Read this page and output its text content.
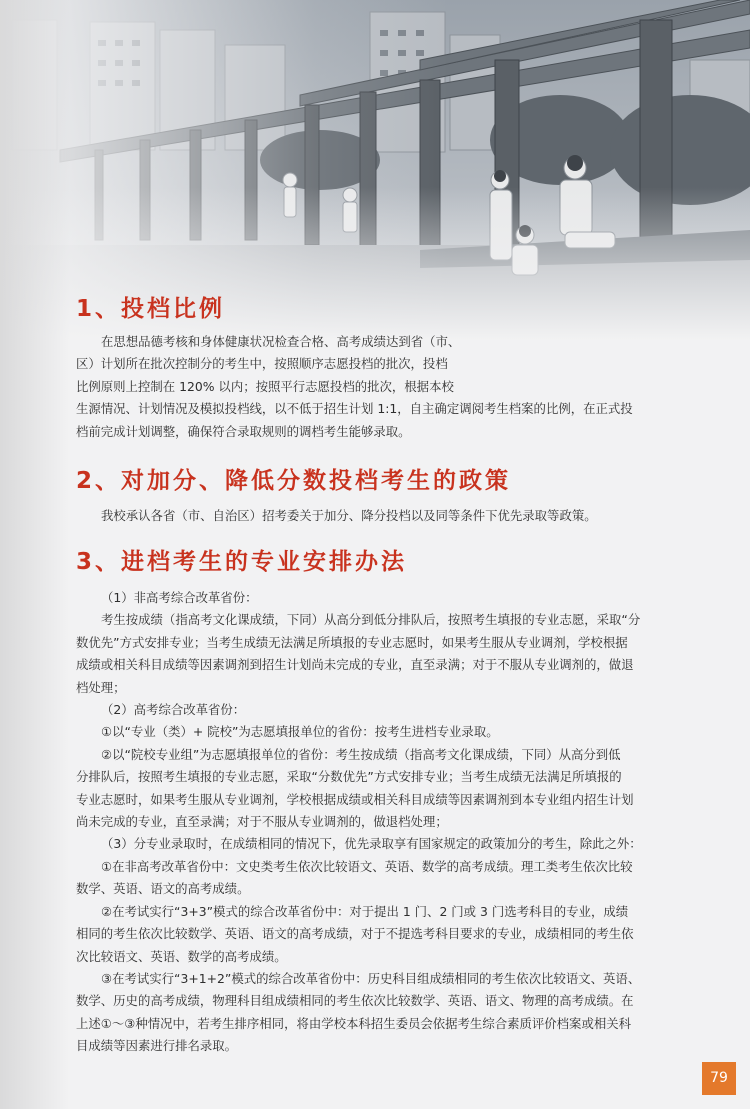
1、投档比例

在思想品德考核和身体健康状况检查合格、高考成绩达到省（市、
区）计划所在批次控制分的考生中，按照顺序志愿投档的批次，投档
比例原则上控制在 120% 以内；按照平行志愿投档的批次，根据本校
生源情况、计划情况及模拟投档线，以不低于招生计划 1:1，自主确定调阅考生档案的比例，在正式投
档前完成计划调整，确保符合录取规则的调档考生能够录取。

2、对加分、降低分数投档考生的政策

我校承认各省（市、自治区）招考委关于加分、降分投档以及同等条件下优先录取等政策。

3、进档考生的专业安排办法

（1）非高考综合改革省份：
考生按成绩（指高考文化课成绩，下同）从高分到低分排队后，按照考生填报的专业志愿，采取“分
数优先”方式安排专业；当考生成绩无法满足所填报的专业志愿时，如果考生服从专业调剂，学校根据
成绩或相关科目成绩等因素调剂到招生计划尚未完成的专业，直至录满；对于不服从专业调剂的，做退
档处理；
（2）高考综合改革省份：
①以“专业（类）+ 院校”为志愿填报单位的省份：按考生进档专业录取。
②以“院校专业组”为志愿填报单位的省份：考生按成绩（指高考文化课成绩，下同）从高分到低
分排队后，按照考生填报的专业志愿，采取“分数优先”方式安排专业；当考生成绩无法满足所填报的
专业志愿时，如果考生服从专业调剂，学校根据成绩或相关科目成绩等因素调剂到本专业组内招生计划
尚未完成的专业，直至录满；对于不服从专业调剂的，做退档处理；
（3）分专业录取时，在成绩相同的情况下，优先录取享有国家规定的政策加分的考生，除此之外：
①在非高考改革省份中：文史类考生依次比较语文、英语、数学的高考成绩。理工类考生依次比较
数学、英语、语文的高考成绩。
②在考试实行“3+3”模式的综合改革省份中：对于提出 1 门、2 门或 3 门选考科目的专业，成绩
相同的考生依次比较数学、英语、语文的高考成绩，对于不提选考科目要求的专业，成绩相同的考生依
次比较语文、英语、数学的高考成绩。
③在考试实行“3+1+2”模式的综合改革省份中：历史科目组成绩相同的考生依次比较语文、英语、
数学、历史的高考成绩，物理科目组成绩相同的考生依次比较数学、英语、语文、物理的高考成绩。在
上述①～③种情况中，若考生排序相同，将由学校本科招生委员会依据考生综合素质评价档案或相关科
目成绩等因素进行排名录取。

79
